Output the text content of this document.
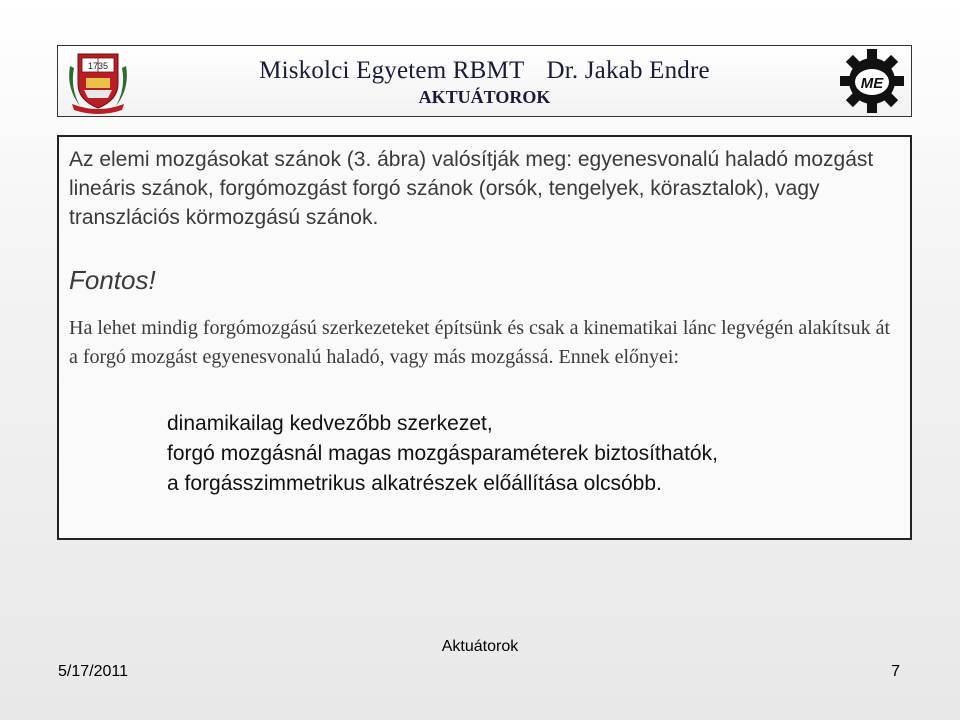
1735	Miskolci Egyetem RBMT Dr. Jakab Endre
AKTUÁTOROK
ME

Az elemi mozgásokat szánok (3. ábra) valósítják meg: egyenesvonalú haladó mozgást lineáris szánok, forgómozgást forgó szánok (orsók, tengelyek, körasztalok), vagy transzlációs körmozgású szánok.

Fontos!

Ha lehet mindig forgómozgású szerkezeteket építsünk és csak a kinematikai lánc legvégén alakítsuk át a forgó mozgást egyenesvonalú haladó, vagy más mozgássá. Ennek előnyei:

dinamikailag kedvezőbb szerkezet,
forgó mozgásnál magas mozgásparaméterek biztosíthatók,
a forgásszimmetrikus alkatrészek előállítása olcsóbb.
Aktuátorok
5/17/2011	7
